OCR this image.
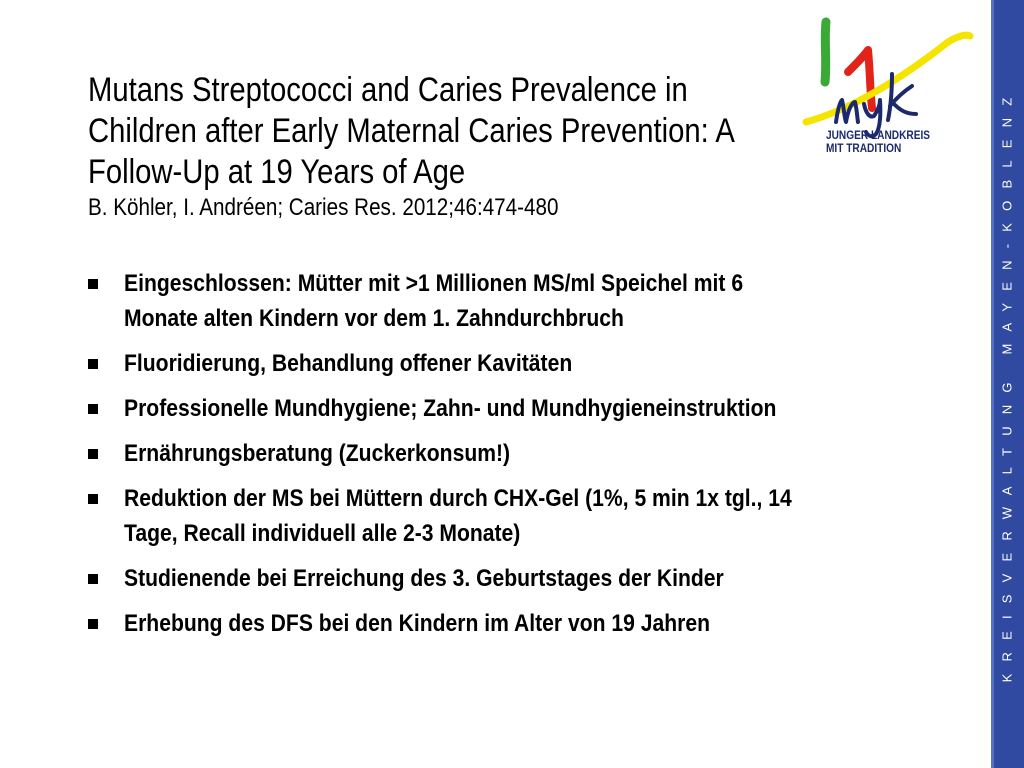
Mutans Streptococci and Caries Prevalence in
Children after Early Maternal Caries Prevention: A
Follow-Up at 19 Years of Age
B. Köhler, I. Andréen; Caries Res. 2012;46:474-480
Eingeschlossen: Mütter mit >1 Millionen MS/ml Speichel mit 6
Monate alten Kindern vor dem 1. Zahndurchbruch
Fluoridierung, Behandlung offener Kavitäten
Professionelle Mundhygiene; Zahn- und Mundhygieneinstruktion
Ernährungsberatung (Zuckerkonsum!)
Reduktion der MS bei Müttern durch CHX-Gel (1%, 5 min 1x tgl., 14
Tage, Recall individuell alle 2-3 Monate)
Studienende bei Erreichung des 3. Geburtstages der Kinder
Erhebung des DFS bei den Kindern im Alter von 19 Jahren
JUNGER LANDKREIS
MIT TRADITION	KREISVERWALTUNG MAYEN-KOBLENZ
